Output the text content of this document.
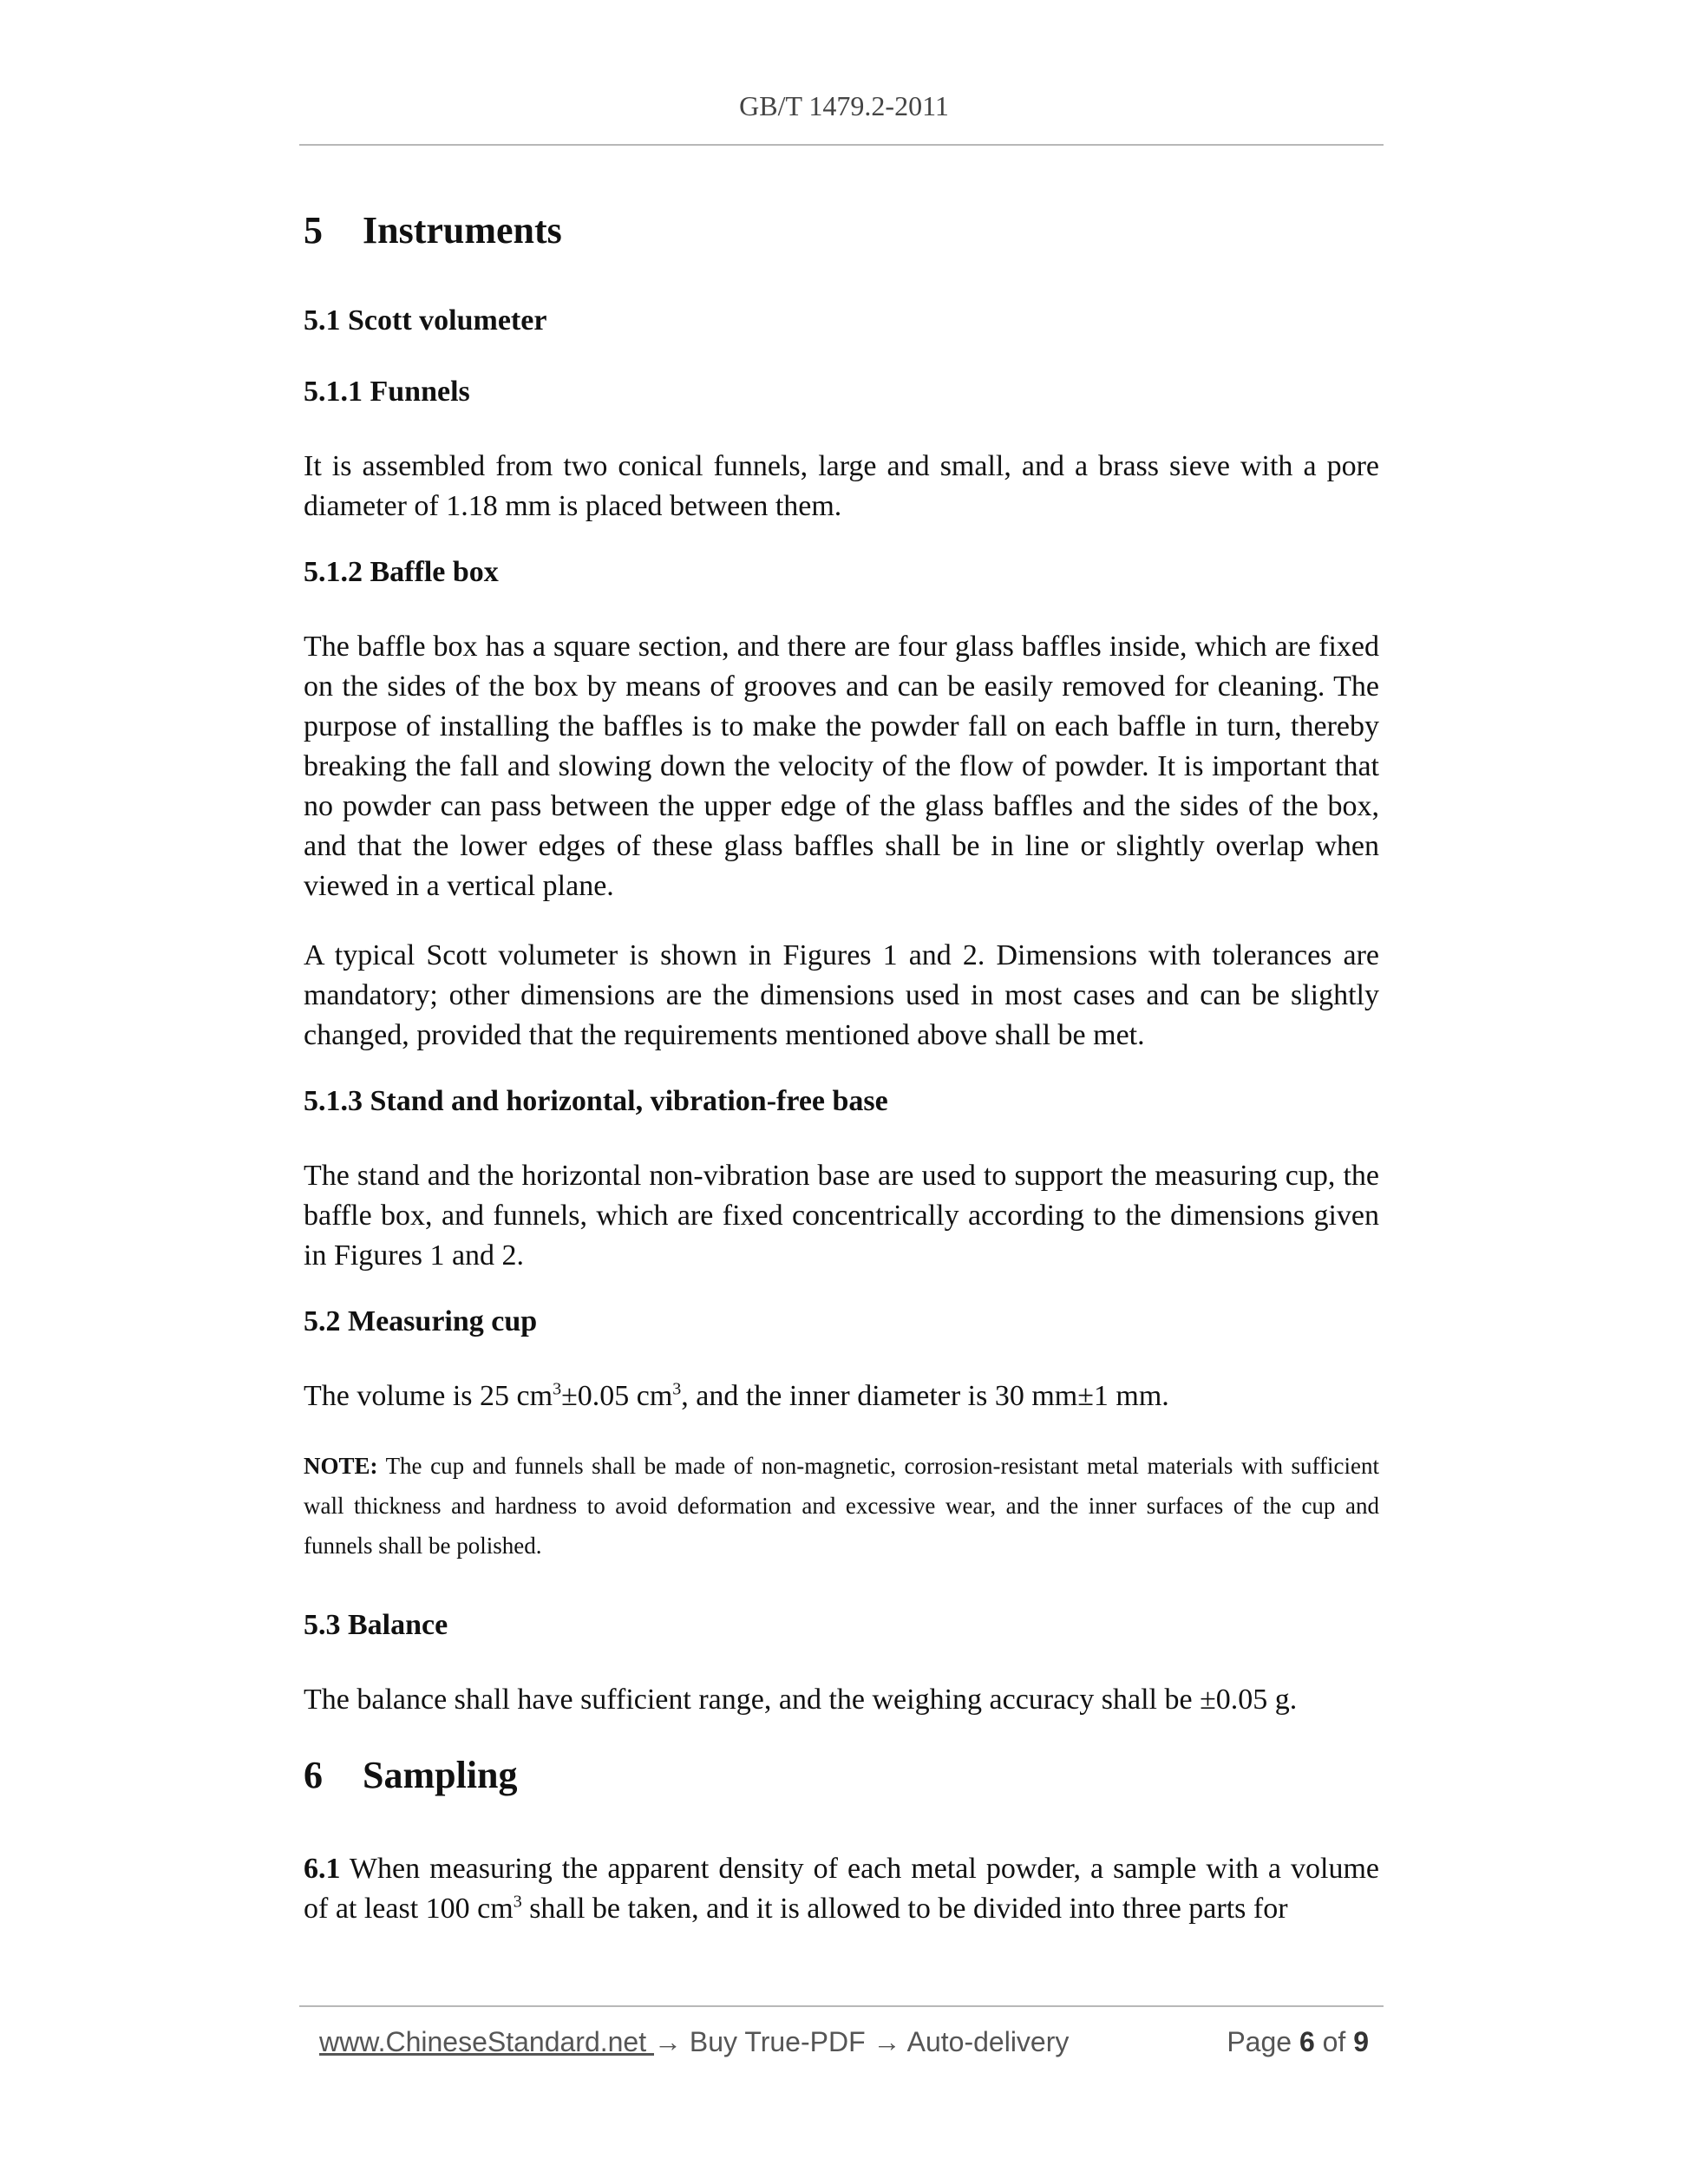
GB/T 1479.2-2011
5 Instruments
5.1 Scott volumeter
5.1.1 Funnels

It is assembled from two conical funnels, large and small, and a brass sieve with a pore diameter of 1.18 mm is placed between them.

5.1.2 Baffle box

The baffle box has a square section, and there are four glass baffles inside, which are fixed on the sides of the box by means of grooves and can be easily removed for cleaning. The purpose of installing the baffles is to make the powder fall on each baffle in turn, thereby breaking the fall and slowing down the velocity of the flow of powder. It is important that no powder can pass between the upper edge of the glass baffles and the sides of the box, and that the lower edges of these glass baffles shall be in line or slightly overlap when viewed in a vertical plane.

A typical Scott volumeter is shown in Figures 1 and 2. Dimensions with tolerances are mandatory; other dimensions are the dimensions used in most cases and can be slightly changed, provided that the requirements mentioned above shall be met.

5.1.3 Stand and horizontal, vibration-free base

The stand and the horizontal non-vibration base are used to support the measuring cup, the baffle box, and funnels, which are fixed concentrically according to the dimensions given in Figures 1 and 2.

5.2 Measuring cup

The volume is 25 $cm^3\pm 0.05$ $cm^3$, and the inner diameter is 30 mm±1 mm.

NOTE: The cup and funnels shall be made of non-magnetic, corrosion-resistant metal materials with sufficient wall thickness and hardness to avoid deformation and excessive wear, and the inner surfaces of the cup and funnels shall be polished.

5.3 Balance

The balance shall have sufficient range, and the weighing accuracy shall be ±0.05 g.

6 Sampling

6.1 When measuring the apparent density of each metal powder, a sample with a volume of at least 100 $cm^3$ shall be taken, and it is allowed to be divided into three parts for

www.ChineseStandard.net → Buy True-PDF → Auto-delivery	Page 6 of 9
